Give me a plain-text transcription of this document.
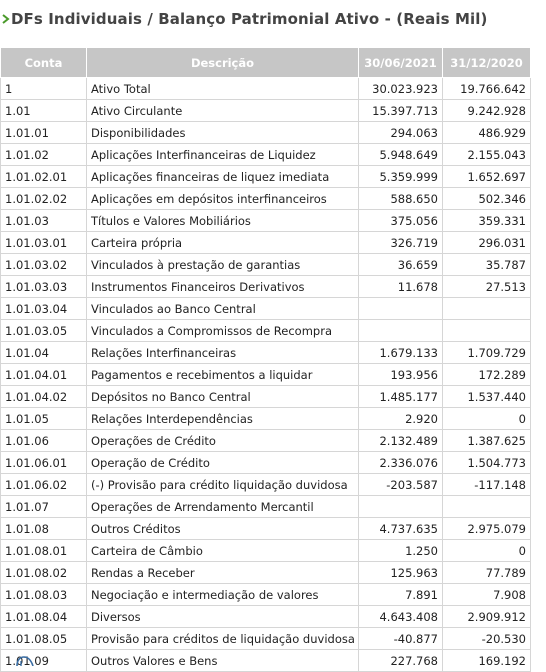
DFs Individuais / Balanço Patrimonial Ativo - (Reais Mil)
Conta	Descrição	30/06/2021	31/12/2020
1	Ativo Total	30.023.923	19.766.642
1.01	Ativo Circulante	15.397.713	9.242.928
1.01.01	Disponibilidades	294.063	486.929
1.01.02	Aplicações Interfinanceiras de Liquidez	5.948.649	2.155.043
1.01.02.01	Aplicações financeiras de liquez imediata	5.359.999	1.652.697
1.01.02.02	Aplicações em depósitos interfinanceiros	588.650	502.346
1.01.03	Títulos e Valores Mobiliários	375.056	359.331
1.01.03.01	Carteira própria	326.719	296.031
1.01.03.02	Vinculados à prestação de garantias	36.659	35.787
1.01.03.03	Instrumentos Financeiros Derivativos	11.678	27.513
1.01.03.04	Vinculados ao Banco Central		
1.01.03.05	Vinculados a Compromissos de Recompra		
1.01.04	Relações Interfinanceiras	1.679.133	1.709.729
1.01.04.01	Pagamentos e recebimentos a liquidar	193.956	172.289
1.01.04.02	Depósitos no Banco Central	1.485.177	1.537.440
1.01.05	Relações Interdependências	2.920	0
1.01.06	Operações de Crédito	2.132.489	1.387.625
1.01.06.01	Operação de Crédito	2.336.076	1.504.773
1.01.06.02	(-) Provisão para crédito liquidação duvidosa	-203.587	-117.148
1.01.07	Operações de Arrendamento Mercantil		
1.01.08	Outros Créditos	4.737.635	2.975.079
1.01.08.01	Carteira de Câmbio	1.250	0
1.01.08.02	Rendas a Receber	125.963	77.789
1.01.08.03	Negociação e intermediação de valores	7.891	7.908
1.01.08.04	Diversos	4.643.408	2.909.912
1.01.08.05	Provisão para créditos de liquidação duvidosa	-40.877	-20.530
1.01.09	Outros Valores e Bens	227.768	169.192
